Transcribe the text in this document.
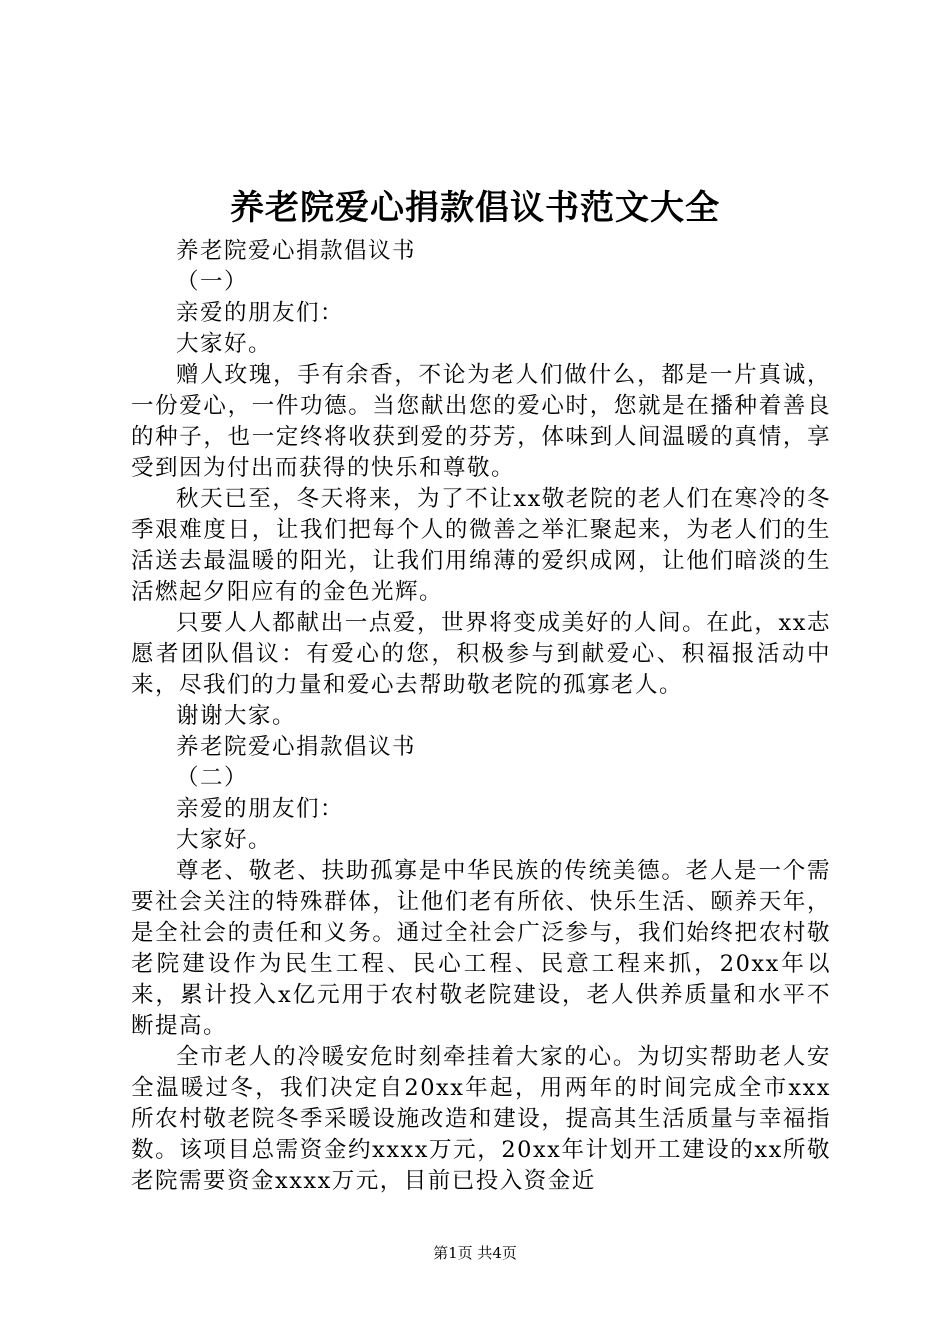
养老院爱心捐款倡议书范文大全

养老院爱心捐款倡议书

（一）

亲爱的朋友们：

大家好。

赠人玫瑰，手有余香，不论为老人们做什么，都是一片真诚，一份爱心，一件功德。当您献出您的爱心时，您就是在播种着善良的种子，也一定终将收获到爱的芬芳，体味到人间温暖的真情，享受到因为付出而获得的快乐和尊敬。

秋天已至，冬天将来，为了不让xx敬老院的老人们在寒冷的冬季艰难度日，让我们把每个人的微善之举汇聚起来，为老人们的生活送去最温暖的阳光，让我们用绵薄的爱织成网，让他们暗淡的生活燃起夕阳应有的金色光辉。

只要人人都献出一点爱，世界将变成美好的人间。在此，xx志愿者团队倡议：有爱心的您，积极参与到献爱心、积福报活动中来，尽我们的力量和爱心去帮助敬老院的孤寡老人。

谢谢大家。

养老院爱心捐款倡议书

（二）

亲爱的朋友们：

大家好。

尊老、敬老、扶助孤寡是中华民族的传统美德。老人是一个需要社会关注的特殊群体，让他们老有所依、快乐生活、颐养天年，是全社会的责任和义务。通过全社会广泛参与，我们始终把农村敬老院建设作为民生工程、民心工程、民意工程来抓，20xx年以来，累计投入x亿元用于农村敬老院建设，老人供养质量和水平不断提高。

全市老人的冷暖安危时刻牵挂着大家的心。为切实帮助老人安全温暖过冬，我们决定自20xx年起，用两年的时间完成全市xxx所农村敬老院冬季采暖设施改造和建设，提高其生活质量与幸福指数。该项目总需资金约xxxx万元，20xx年计划开工建设的xx所敬老院需要资金xxxx万元，目前已投入资金近

第1页 共4页
